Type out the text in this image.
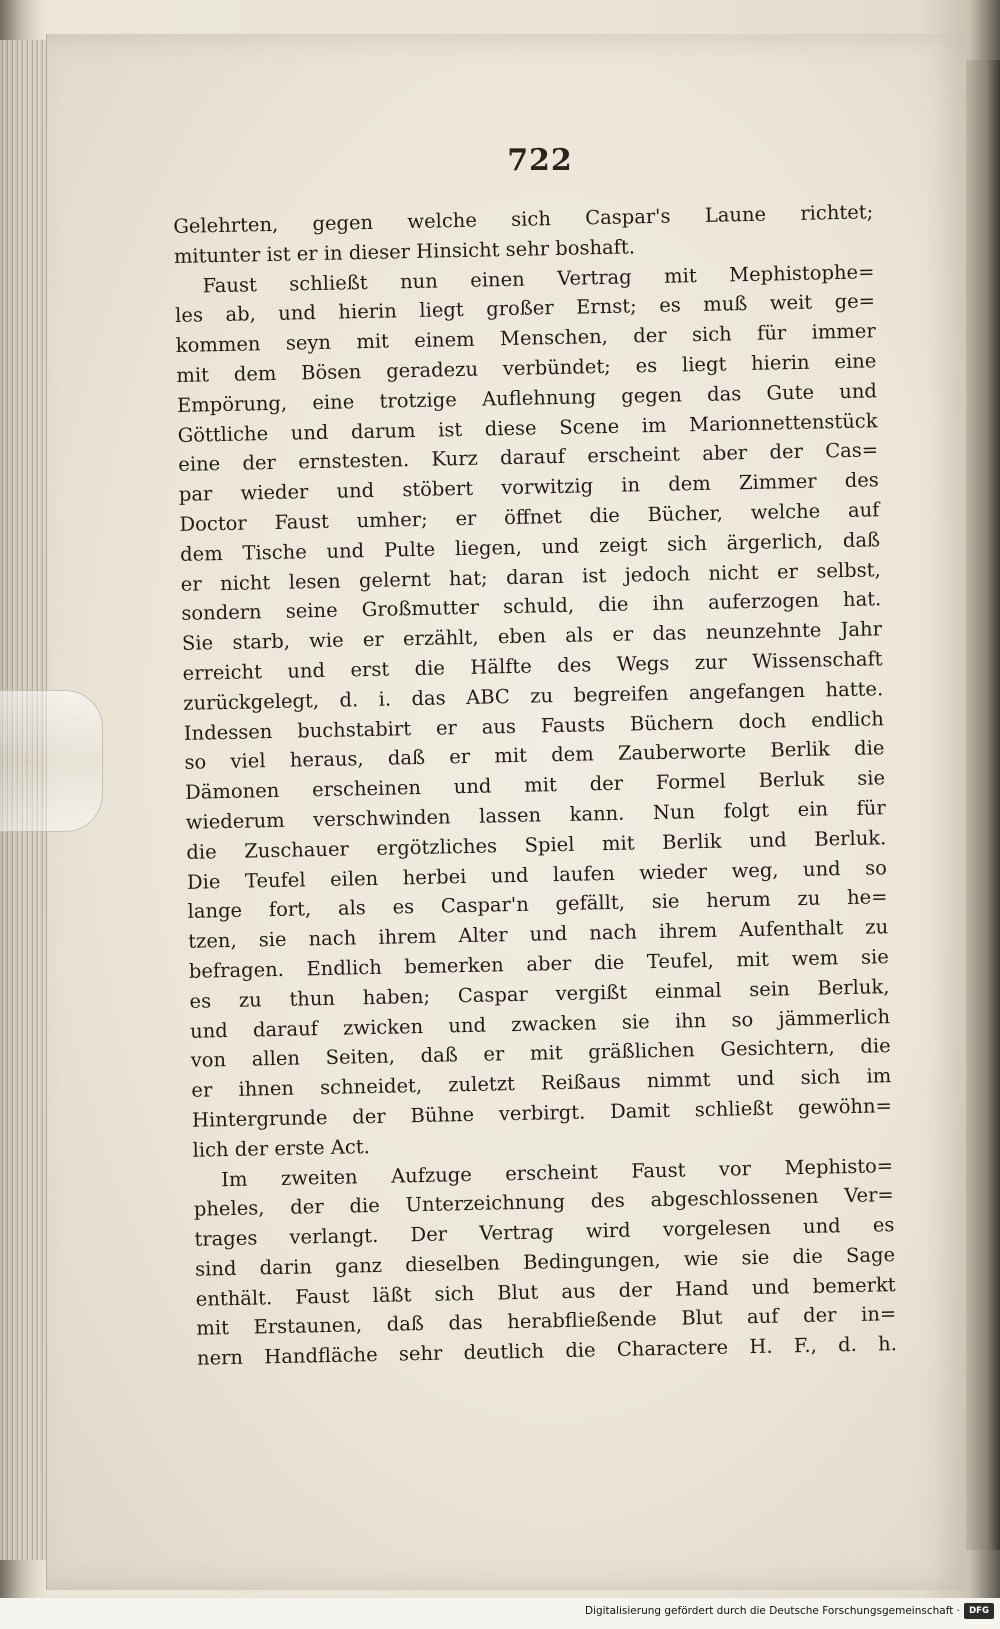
722
Gelehrten, gegen welche sich Caspar's Laune richtet;
mitunter ist er in dieser Hinsicht sehr boshaft.
Faust schließt nun einen Vertrag mit Mephistophe=
les ab, und hierin liegt großer Ernst; es muß weit ge=
kommen seyn mit einem Menschen, der sich für immer
mit dem Bösen geradezu verbündet; es liegt hierin eine
Empörung, eine trotzige Auflehnung gegen das Gute und
Göttliche und darum ist diese Scene im Marionnettenstück
eine der ernstesten. Kurz darauf erscheint aber der Cas=
par wieder und stöbert vorwitzig in dem Zimmer des
Doctor Faust umher; er öffnet die Bücher, welche auf
dem Tische und Pulte liegen, und zeigt sich ärgerlich, daß
er nicht lesen gelernt hat; daran ist jedoch nicht er selbst,
sondern seine Großmutter schuld, die ihn auferzogen hat.
Sie starb, wie er erzählt, eben als er das neunzehnte Jahr
erreicht und erst die Hälfte des Wegs zur Wissenschaft
zurückgelegt, d. i. das ABC zu begreifen angefangen hatte.
Indessen buchstabirt er aus Fausts Büchern doch endlich
so viel heraus, daß er mit dem Zauberworte Berlik die
Dämonen erscheinen und mit der Formel Berluk sie
wiederum verschwinden lassen kann. Nun folgt ein für
die Zuschauer ergötzliches Spiel mit Berlik und Berluk.
Die Teufel eilen herbei und laufen wieder weg, und so
lange fort, als es Caspar'n gefällt, sie herum zu he=
tzen, sie nach ihrem Alter und nach ihrem Aufenthalt zu
befragen. Endlich bemerken aber die Teufel, mit wem sie
es zu thun haben; Caspar vergißt einmal sein Berluk,
und darauf zwicken und zwacken sie ihn so jämmerlich
von allen Seiten, daß er mit gräßlichen Gesichtern, die
er ihnen schneidet, zuletzt Reißaus nimmt und sich im
Hintergrunde der Bühne verbirgt. Damit schließt gewöhn=
lich der erste Act.
Im zweiten Aufzuge erscheint Faust vor Mephisto=
pheles, der die Unterzeichnung des abgeschlossenen Ver=
trages verlangt. Der Vertrag wird vorgelesen und es
sind darin ganz dieselben Bedingungen, wie sie die Sage
enthält. Faust läßt sich Blut aus der Hand und bemerkt
mit Erstaunen, daß das herabfließende Blut auf der in=
nern Handfläche sehr deutlich die Charactere H. F., d. h.
Digitalisierung gefördert durch die Deutsche Forschungsgemeinschaft ·	DFG
